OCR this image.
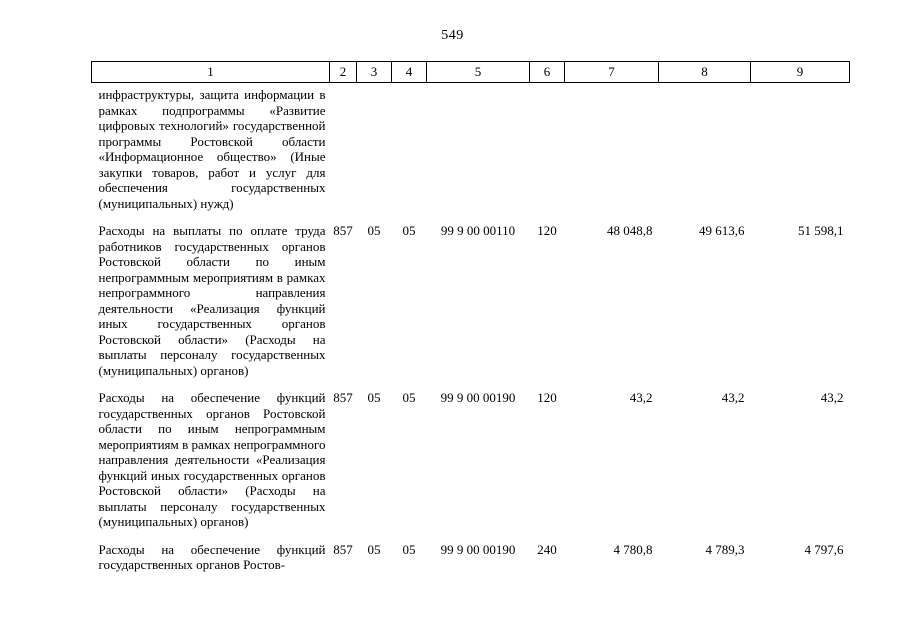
549
1	2	3	4	5	6	7	8	9
инфраструктуры, защита информации в рамках подпрограммы «Развитие цифровых технологий» государственной программы Ростовской области «Информационное общество» (Иные закупки товаров, работ и услуг для обеспечения государственных (муниципальных) нужд)								

Расходы на выплаты по оплате труда работников государственных органов Ростовской области по иным непрограммным мероприятиям в рамках непрограммного направления деятельности «Реализация функций иных государственных органов Ростовской области» (Расходы на выплаты персоналу государственных (муниципальных) органов)	857	05	05	99 9 00 00110	120	48 048,8	49 613,6	51 598,1

Расходы на обеспечение функций государственных органов Ростовской области по иным непрограммным мероприятиям в рамках непрограммного направления деятельности «Реализация функций иных государственных органов Ростовской области» (Расходы на выплаты персоналу государственных (муниципальных) органов)	857	05	05	99 9 00 00190	120	43,2	43,2	43,2

Расходы на обеспечение функций государственных органов Ростов-	857	05	05	99 9 00 00190	240	4 780,8	4 789,3	4 797,6
